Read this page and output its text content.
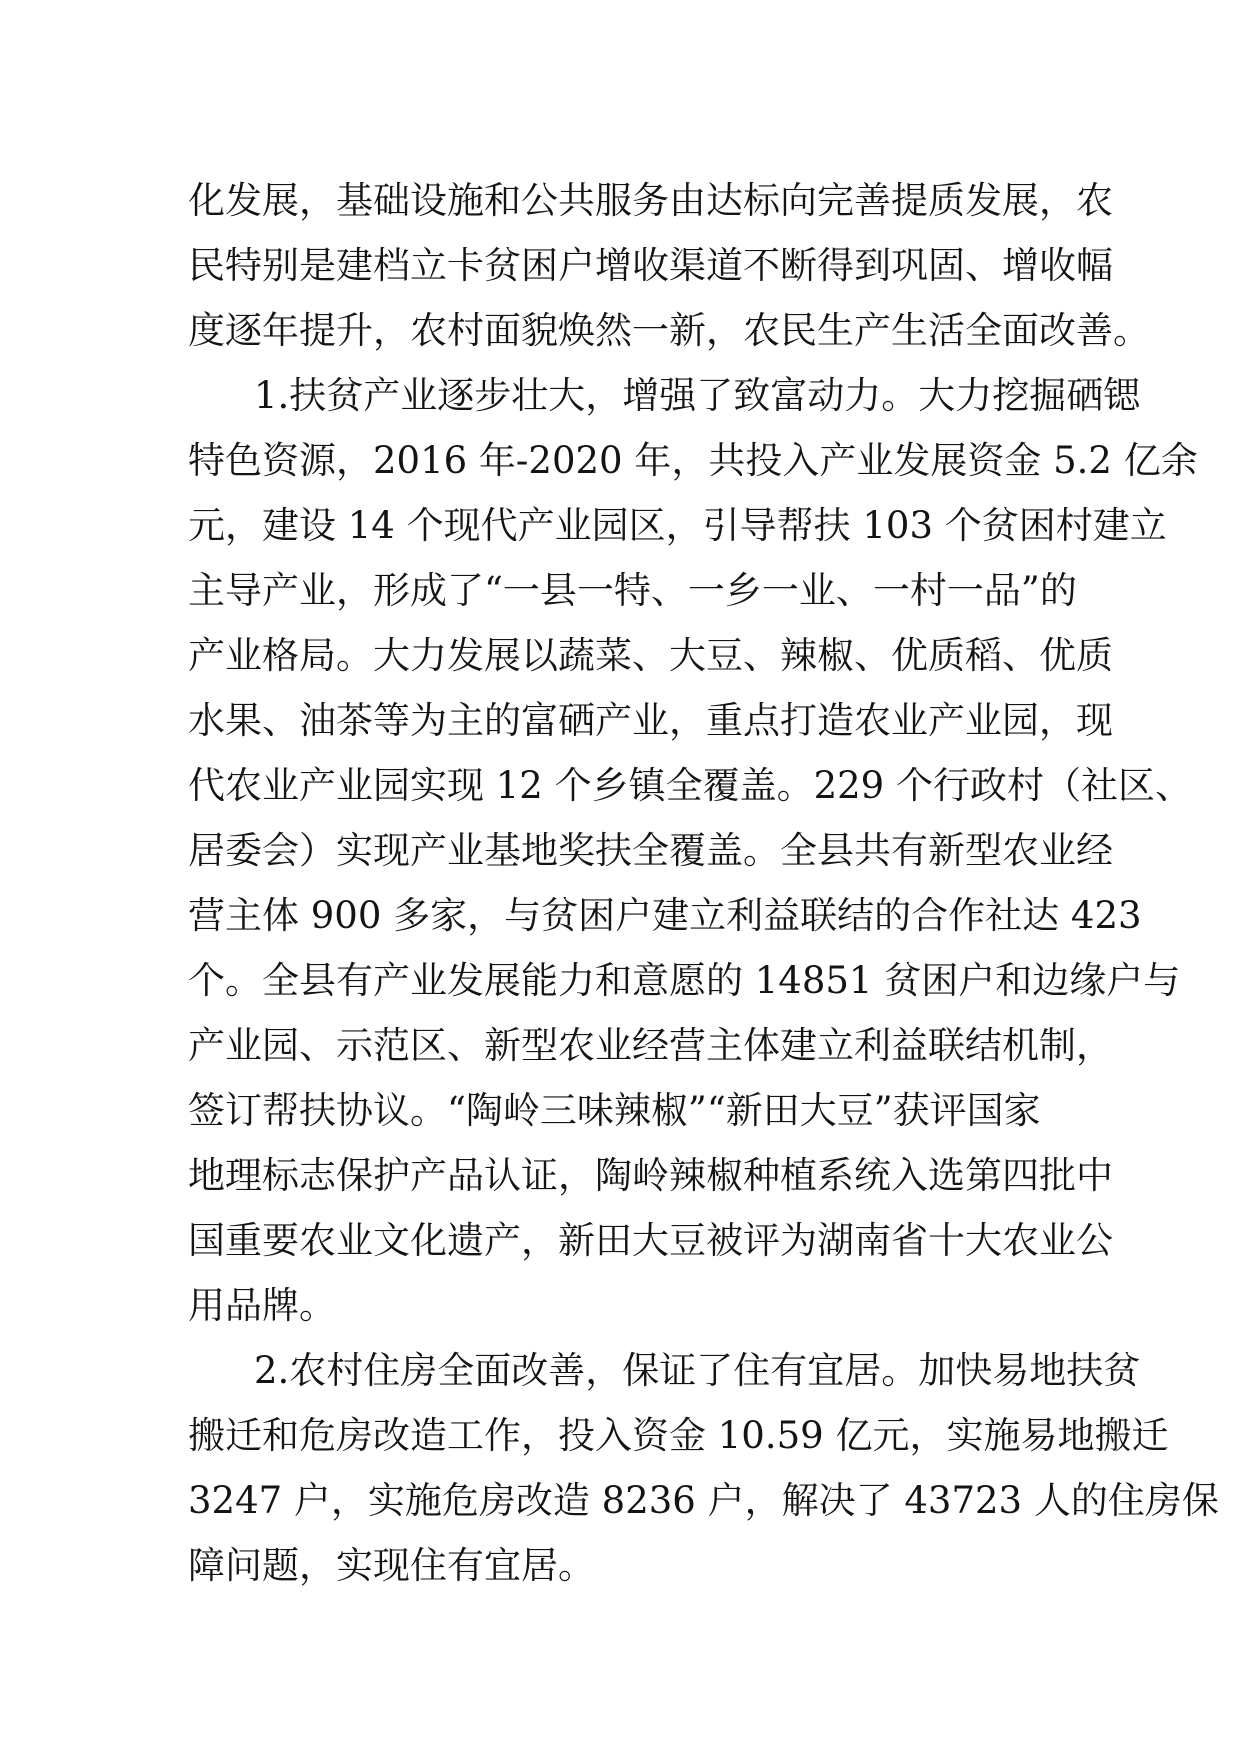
化发展，基础设施和公共服务由达标向完善提质发展，农
民特别是建档立卡贫困户增收渠道不断得到巩固、增收幅
度逐年提升，农村面貌焕然一新，农民生产生活全面改善。
1.扶贫产业逐步壮大，增强了致富动力。大力挖掘硒锶
特色资源，2016 年-2020 年，共投入产业发展资金 5.2 亿余
元，建设 14 个现代产业园区，引导帮扶 103 个贫困村建立
主导产业，形成了“一县一特、一乡一业、一村一品”的
产业格局。大力发展以蔬菜、大豆、辣椒、优质稻、优质
水果、油茶等为主的富硒产业，重点打造农业产业园，现
代农业产业园实现 12 个乡镇全覆盖。229 个行政村（社区、
居委会）实现产业基地奖扶全覆盖。全县共有新型农业经
营主体 900 多家，与贫困户建立利益联结的合作社达 423
个。全县有产业发展能力和意愿的 14851 贫困户和边缘户与
产业园、示范区、新型农业经营主体建立利益联结机制，
签订帮扶协议。“陶岭三味辣椒”“新田大豆”获评国家
地理标志保护产品认证，陶岭辣椒种植系统入选第四批中
国重要农业文化遗产，新田大豆被评为湖南省十大农业公
用品牌。
2.农村住房全面改善，保证了住有宜居。加快易地扶贫
搬迁和危房改造工作，投入资金 10.59 亿元，实施易地搬迁
3247 户，实施危房改造 8236 户，解决了 43723 人的住房保
障问题，实现住有宜居。
